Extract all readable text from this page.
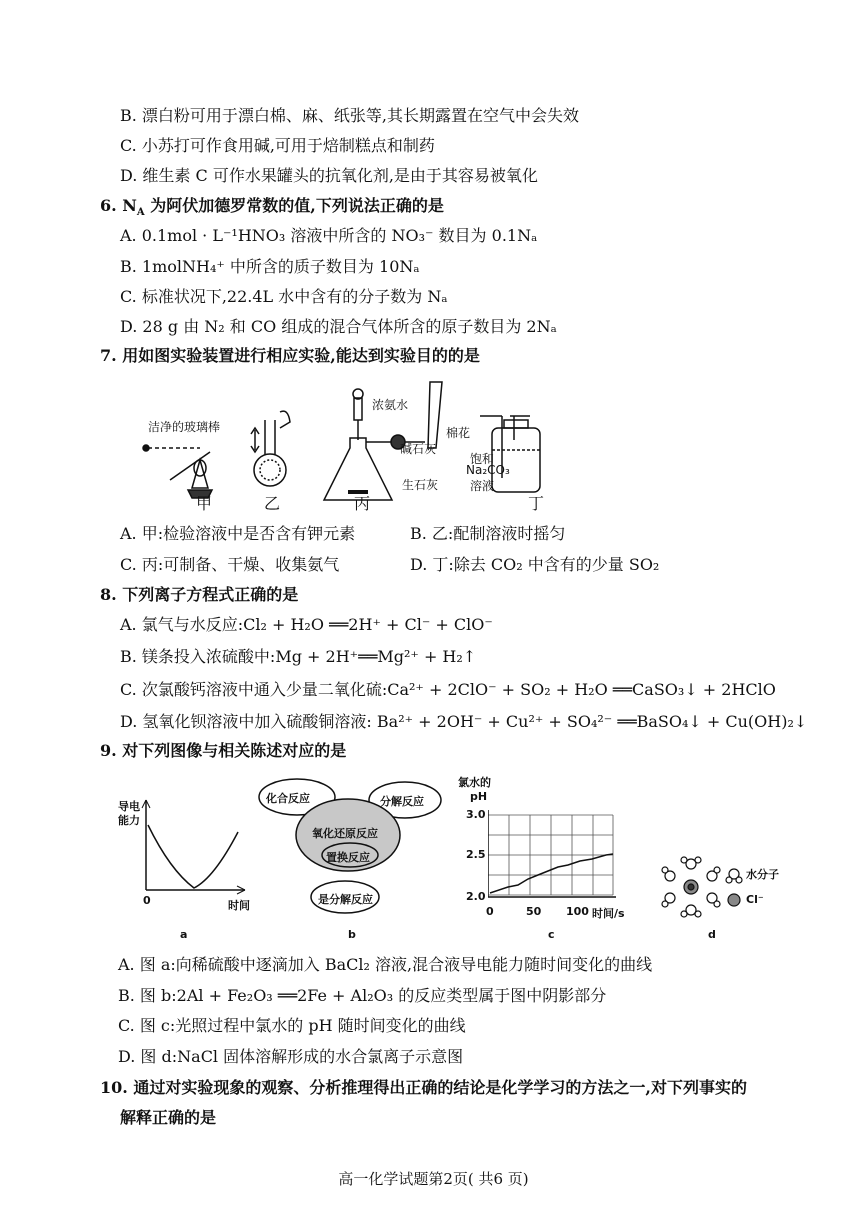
B. 漂白粉可用于漂白棉、麻、纸张等,其长期露置在空气中会失效
C. 小苏打可作食用碱,可用于焙制糕点和制药
D. 维生素 C 可作水果罐头的抗氧化剂,是由于其容易被氧化
6. $N_A$ 为阿伏加德罗常数的值,下列说法正确的是
A. 0.1mol · L⁻¹HNO₃ 溶液中所含的 NO₃⁻ 数目为 0.1Nₐ
B. 1molNH₄⁺ 中所含的质子数目为 10Nₐ
C. 标准状况下,22.4L 水中含有的分子数为 Nₐ
D. 28 g 由 N₂ 和 CO 组成的混合气体所含的原子数目为 2Nₐ
7. 用如图实验装置进行相应实验,能达到实验目的的是
洁净的玻璃棒
浓氨水
棉花
碱石灰
生石灰
饱和
Na₂CO₃
溶液
甲	乙	丙	丁
A. 甲:检验溶液中是否含有钾元素	B. 乙:配制溶液时摇匀
C. 丙:可制备、干燥、收集氨气	D. 丁:除去 CO₂ 中含有的少量 SO₂
8. 下列离子方程式正确的是
A. 氯气与水反应:Cl₂ + H₂O ══2H⁺ + Cl⁻ + ClO⁻
B. 镁条投入浓硫酸中:Mg + 2H⁺══Mg²⁺ + H₂↑
C. 次氯酸钙溶液中通入少量二氧化硫:Ca²⁺ + 2ClO⁻ + SO₂ + H₂O ══CaSO₃↓ + 2HClO
D. 氢氧化钡溶液中加入硫酸铜溶液: Ba²⁺ + 2OH⁻ + Cu²⁺ + SO₄²⁻ ══BaSO₄↓ + Cu(OH)₂↓
9. 对下列图像与相关陈述对应的是
导电
能力
0	时间
a
化合反应	分解反应
氧化还原反应
置换反应
是分解反应
b
氯水的
pH
3.0
2.5
2.0
0	50 100 时间/s
c
水分子
Cl⁻
d
A. 图 a:向稀硫酸中逐滴加入 BaCl₂ 溶液,混合液导电能力随时间变化的曲线
B. 图 b:2Al + Fe₂O₃ ══2Fe + Al₂O₃ 的反应类型属于图中阴影部分
C. 图 c:光照过程中氯水的 pH 随时间变化的曲线
D. 图 d:NaCl 固体溶解形成的水合氯离子示意图
10. 通过对实验现象的观察、分析推理得出正确的结论是化学学习的方法之一,对下列事实的
解释正确的是
高一化学试题第2页( 共6 页)
